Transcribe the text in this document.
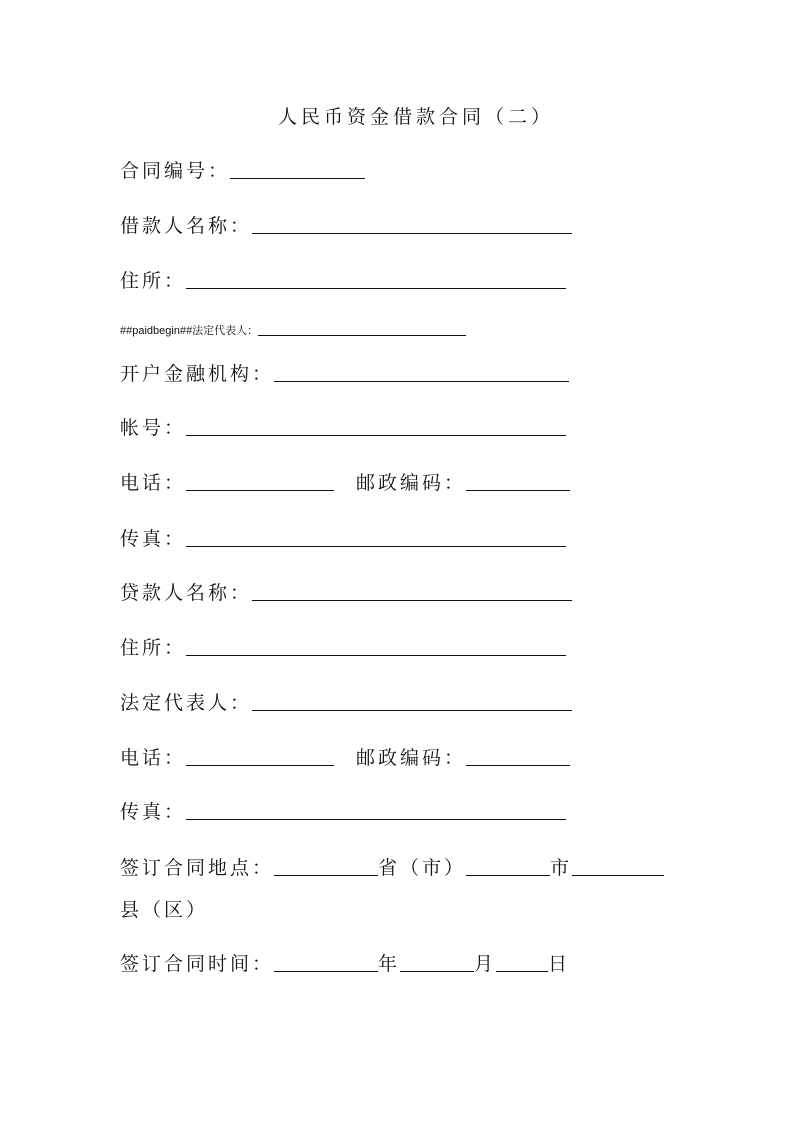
人民币资金借款合同（二）
合同编号：
借款人名称：
住所：
##paidbegin##法定代表人：
开户金融机构：
帐号：
电话：	邮政编码：
传真：
贷款人名称：
住所：
法定代表人：
电话：	邮政编码：
传真：
签订合同地点：	省（市）	市
县（区）
签订合同时间：	年	月	日
